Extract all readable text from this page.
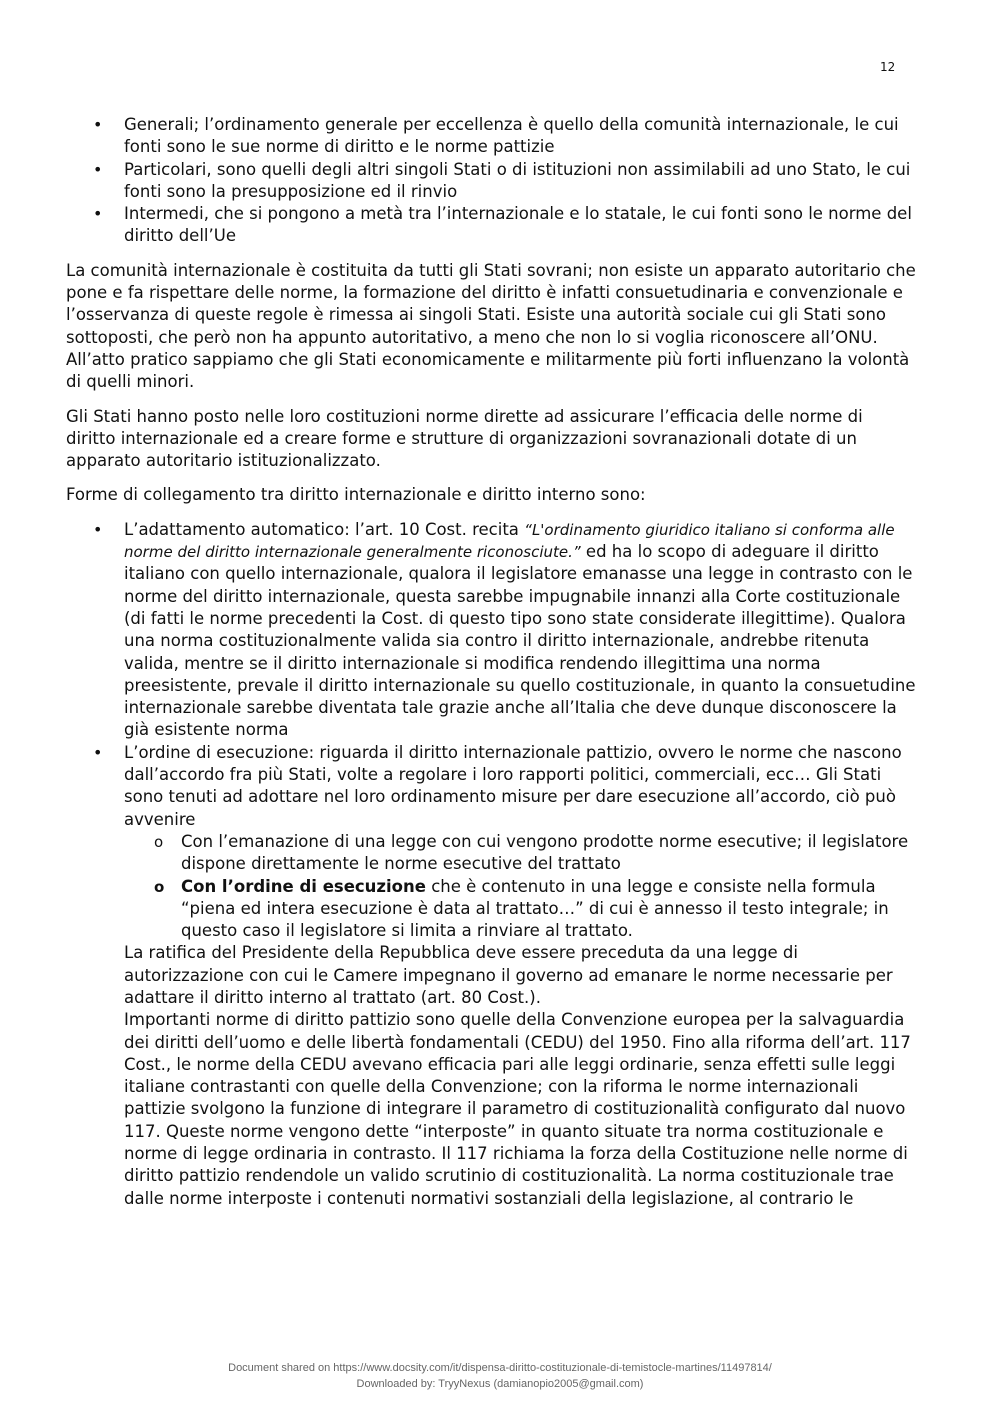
12
• Generali; l’ordinamento generale per eccellenza è quello della comunità internazionale, le cui fonti sono le sue norme di diritto e le norme pattizie
• Particolari, sono quelli degli altri singoli Stati o di istituzioni non assimilabili ad uno Stato, le cui fonti sono la presupposizione ed il rinvio
• Intermedi, che si pongono a metà tra l’internazionale e lo statale, le cui fonti sono le norme del diritto dell’Ue

La comunità internazionale è costituita da tutti gli Stati sovrani; non esiste un apparato autoritario che pone e fa rispettare delle norme, la formazione del diritto è infatti consuetudinaria e convenzionale e l’osservanza di queste regole è rimessa ai singoli Stati. Esiste una autorità sociale cui gli Stati sono sottoposti, che però non ha appunto autoritativo, a meno che non lo si voglia riconoscere all’ONU. All’atto pratico sappiamo che gli Stati economicamente e militarmente più forti influenzano la volontà di quelli minori.

Gli Stati hanno posto nelle loro costituzioni norme dirette ad assicurare l’efficacia delle norme di diritto internazionale ed a creare forme e strutture di organizzazioni sovranazionali dotate di un apparato autoritario istituzionalizzato.

Forme di collegamento tra diritto internazionale e diritto interno sono:

• L’adattamento automatico: l’art. 10 Cost. recita “L'ordinamento giuridico italiano si conforma alle norme del diritto internazionale generalmente riconosciute.” ed ha lo scopo di adeguare il diritto italiano con quello internazionale, qualora il legislatore emanasse una legge in contrasto con le norme del diritto internazionale, questa sarebbe impugnabile innanzi alla Corte costituzionale (di fatti le norme precedenti la Cost. di questo tipo sono state considerate illegittime). Qualora una norma costituzionalmente valida sia contro il diritto internazionale, andrebbe ritenuta valida, mentre se il diritto internazionale si modifica rendendo illegittima una norma preesistente, prevale il diritto internazionale su quello costituzionale, in quanto la consuetudine internazionale sarebbe diventata tale grazie anche all’Italia che deve dunque disconoscere la già esistente norma
• L’ordine di esecuzione: riguarda il diritto internazionale pattizio, ovvero le norme che nascono dall’accordo fra più Stati, volte a regolare i loro rapporti politici, commerciali, ecc… Gli Stati sono tenuti ad adottare nel loro ordinamento misure per dare esecuzione all’accordo, ciò può avvenire
o Con l’emanazione di una legge con cui vengono prodotte norme esecutive; il legislatore dispone direttamente le norme esecutive del trattato
o Con l’ordine di esecuzione che è contenuto in una legge e consiste nella formula “piena ed intera esecuzione è data al trattato…” di cui è annesso il testo integrale; in questo caso il legislatore si limita a rinviare al trattato.
La ratifica del Presidente della Repubblica deve essere preceduta da una legge di autorizzazione con cui le Camere impegnano il governo ad emanare le norme necessarie per adattare il diritto interno al trattato (art. 80 Cost.).
Importanti norme di diritto pattizio sono quelle della Convenzione europea per la salvaguardia dei diritti dell’uomo e delle libertà fondamentali (CEDU) del 1950. Fino alla riforma dell’art. 117 Cost., le norme della CEDU avevano efficacia pari alle leggi ordinarie, senza effetti sulle leggi italiane contrastanti con quelle della Convenzione; con la riforma le norme internazionali pattizie svolgono la funzione di integrare il parametro di costituzionalità configurato dal nuovo 117. Queste norme vengono dette “interposte” in quanto situate tra norma costituzionale e norme di legge ordinaria in contrasto. Il 117 richiama la forza della Costituzione nelle norme di diritto pattizio rendendole un valido scrutinio di costituzionalità. La norma costituzionale trae dalle norme interposte i contenuti normativi sostanziali della legislazione, al contrario le
Document shared on https://www.docsity.com/it/dispensa-diritto-costituzionale-di-temistocle-martines/11497814/
Downloaded by: TryyNexus (damianopio2005@gmail.com)
